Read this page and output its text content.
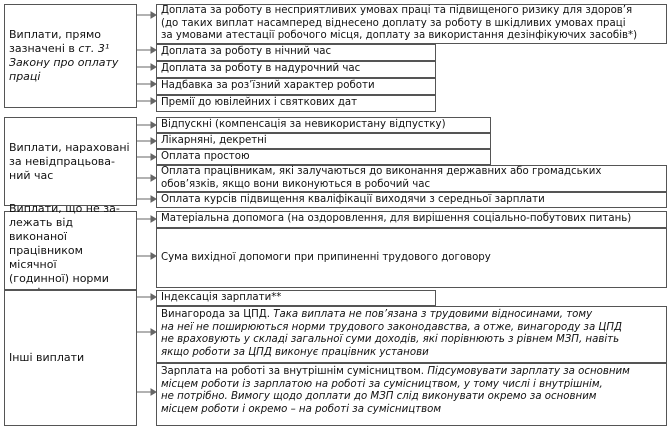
Виплати, прямо
зазначені в ст. 3¹
Закону про оплату
праці
Доплата за роботу в несприятливих умовах праці та підвищеного ризику для здоров’я
(до таких виплат насамперед віднесено доплату за роботу в шкідливих умовах праці
за умовами атестації робочого місця, доплату за використання дезінфікуючих засобів*)
Доплата за роботу в нічний час
Доплата за роботу в надурочний час
Надбавка за роз’їзний характер роботи
Премії до ювілейних і святкових дат
Виплати, нараховані
за невідпрацьова-
ний час
Відпускні (компенсація за невикористану відпустку)
Лікарняні, декретні
Оплата простою
Оплата працівникам, які залучаються до виконання державних або громадських
обов’язків, якщо вони виконуються в робочий час
Оплата курсів підвищення кваліфікації виходячи з середньої зарплати
Виплати, що не за-
лежать від виконаної
працівником місячної
(годинної) норми
Матеріальна допомога (на оздоровлення, для вирішення соціально-побутових питань)
Сума вихідної допомоги при припиненні трудового договору
Інші виплати
Індексація зарплати**
Винагорода за ЦПД. Така виплата не пов’язана з трудовими відносинами, тому
на неї не поширюються норми трудового законодавства, а отже, винагороду за ЦПД
не враховують у складі загальної суми доходів, які порівнюють з рівнем МЗП, навіть
якщо роботи за ЦПД виконує працівник установи
Зарплата на роботі за внутрішнім сумісництвом. Підсумовувати зарплату за основним
місцем роботи із зарплатою на роботі за сумісництвом, у тому числі і внутрішнім,
не потрібно. Вимогу щодо доплати до МЗП слід виконувати окремо за основним
місцем роботи і окремо – на роботі за сумісництвом
